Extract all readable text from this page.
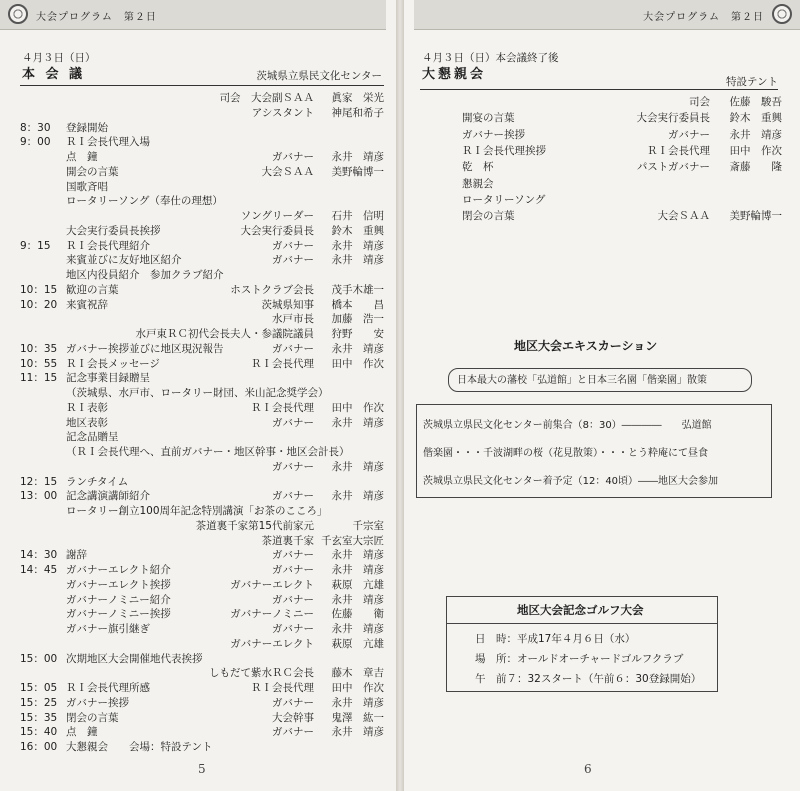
大会プログラム　第２日
４月３日（日）
本 会 議	茨城県立県民文化センター
司会　大会副ＳＡＡ 眞家　栄光
アシスタント 神尾和希子
8：30 登録開始
9：00 ＲＩ会長代理入場
点　鐘	ガバナー 永井　靖彦
開会の言葉	大会ＳＡＡ 美野輪博一
国歌斉唱
ロータリーソング（奉仕の理想）
ソングリーダー 石井　信明
大会実行委員長挨拶	大会実行委員長 鈴木　重興
9：15 ＲＩ会長代理紹介	ガバナー 永井　靖彦
来賓並びに友好地区紹介	ガバナー 永井　靖彦
地区内役員紹介　参加クラブ紹介
10：15 歓迎の言葉	ホストクラブ会長 茂手木雄一
10：20 来賓祝辞	茨城県知事 橋本　　昌
水戸市長 加藤　浩一
水戸東ＲＣ初代会長夫人・参議院議員 狩野　　安
10：35 ガバナー挨拶並びに地区現況報告	ガバナー 永井　靖彦
10：55 ＲＩ会長メッセージ	ＲＩ会長代理 田中　作次
11：15 記念事業目録贈呈
（茨城県、水戸市、ロータリー財団、米山記念奨学会）
ＲＩ表彰	ＲＩ会長代理 田中　作次
地区表彰	ガバナー 永井　靖彦
記念品贈呈
（ＲＩ会長代理へ、直前ガバナー・地区幹事・地区会計長）
ガバナー 永井　靖彦
12：15 ランチタイム
13：00 記念講演講師紹介	ガバナー 永井　靖彦
ロータリー創立100周年記念特別講演「お茶のこころ」
茶道裏千家第15代前家元	千宗室
茶道裏千家 千玄室大宗匠
14：30 謝辞	ガバナー 永井　靖彦
14：45 ガバナーエレクト紹介	ガバナー 永井　靖彦
ガバナーエレクト挨拶	ガバナーエレクト 萩原　亢雄
ガバナーノミニー紹介	ガバナー 永井　靖彦
ガバナーノミニー挨拶	ガバナーノミニー 佐藤　　衛
ガバナー旗引継ぎ	ガバナー 永井　靖彦
ガバナーエレクト 萩原　亢雄
15：00 次期地区大会開催地代表挨拶
しもだて紫水ＲＣ会長 藤木　章吉
15：05 ＲＩ会長代理所感	ＲＩ会長代理 田中　作次
15：25 ガバナー挨拶	ガバナー 永井　靖彦
15：35 閉会の言葉	大会幹事 鬼澤　紘一
15：40 点　鐘	ガバナー 永井　靖彦
16：00 大懇親会　　会場：特設テント
5
大会プログラム　第２日
４月３日（日）本会議終了後
大懇親会	特設テント
司会 佐藤　駿吾
開宴の言葉	大会実行委員長 鈴木　重興
ガバナー挨拶	ガバナー 永井　靖彦
ＲＩ会長代理挨拶	ＲＩ会長代理 田中　作次
乾　杯	パストガバナー 斎藤　　隆
懇親会
ロータリーソング
閉会の言葉	大会ＳＡＡ 美野輪博一
地区大会エキスカーション
日本最大の藩校「弘道館」と日本三名園「偕楽園」散策
茨城県立県民文化センター前集合（8：30）――――　　弘道館
偕楽園・・・千波湖畔の桜（花見散策）・・・とう粋庵にて昼食
茨城県立県民文化センター着予定（12：40頃）――地区大会参加
地区大会記念ゴルフ大会
日　時：平成17年４月６日（水）
場　所：オールドオーチャードゴルフクラブ
午　前７：32スタート（午前６：30登録開始）
6
